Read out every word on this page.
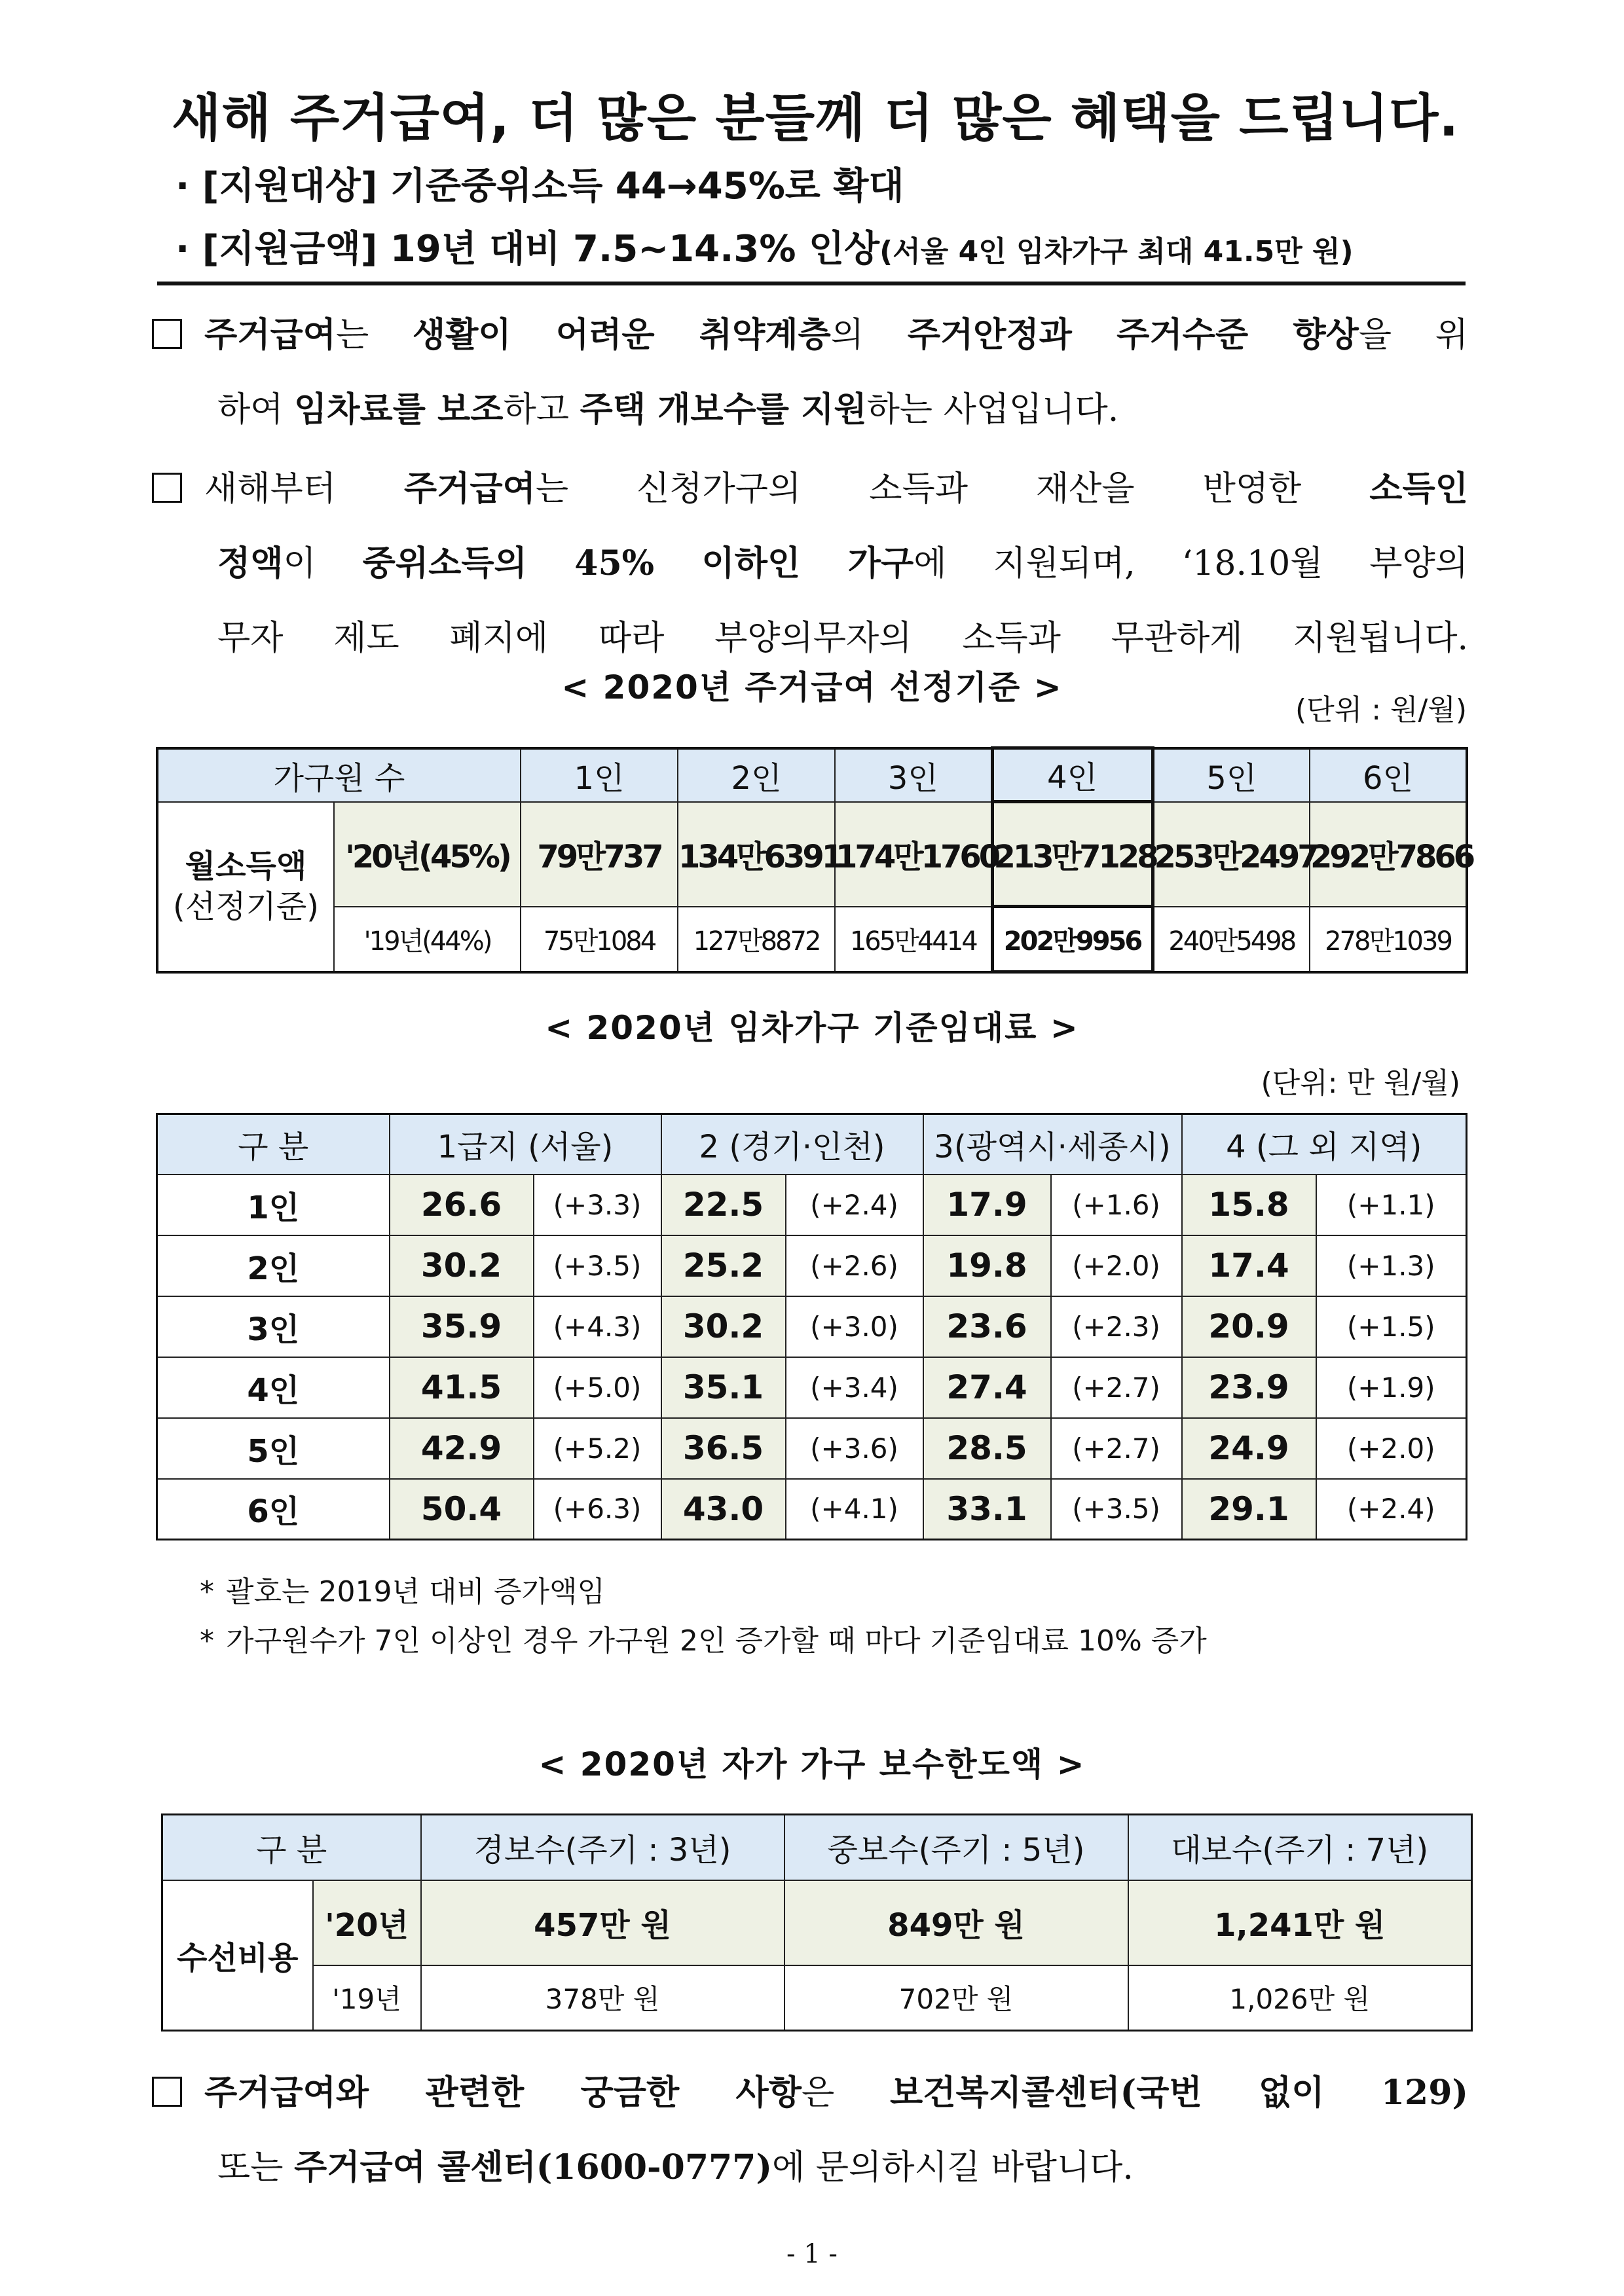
새해 주거급여, 더 많은 분들께 더 많은 혜택을 드립니다.
· [지원대상] 기준중위소득 44→45%로 확대
· [지원금액] 19년 대비 7.5~14.3% 인상(서울 4인 임차가구 최대 41.5만 원)
주거급여는 생활이 어려운 취약계층의 주거안정과 주거수준 향상을 위
하여 임차료를 보조하고 주택 개보수를 지원하는 사업입니다.
새해부터 주거급여는 신청가구의 소득과 재산을 반영한 소득인
정액이 중위소득의 45% 이하인 가구에 지원되며, ‘18.10월 부양의
무자 제도 폐지에 따라 부양의무자의 소득과 무관하게 지원됩니다.
< 2020년 주거급여 선정기준 >
(단위 : 원/월)
가구원 수		1인	2인	3인	4인	5인	6인
월소득액
(선정기준)	'20년(45%)	79만737	134만6391	174만1760	213만7128	253만2497	292만7866
	'19년(44%)	75만1084	127만8872	165만4414	202만9956	240만5498	278만1039
< 2020년 임차가구 기준임대료 >
(단위: 만 원/월)
구 분	1급지 (서울)		2 (경기·인천)		3(광역시·세종시)		4 (그 외 지역)	
1인	26.6	(+3.3)	22.5	(+2.4)	17.9	(+1.6)	15.8	(+1.1)
2인	30.2	(+3.5)	25.2	(+2.6)	19.8	(+2.0)	17.4	(+1.3)
3인	35.9	(+4.3)	30.2	(+3.0)	23.6	(+2.3)	20.9	(+1.5)
4인	41.5	(+5.0)	35.1	(+3.4)	27.4	(+2.7)	23.9	(+1.9)
5인	42.9	(+5.2)	36.5	(+3.6)	28.5	(+2.7)	24.9	(+2.0)
6인	50.4	(+6.3)	43.0	(+4.1)	33.1	(+3.5)	29.1	(+2.4)
* 괄호는 2019년 대비 증가액임
* 가구원수가 7인 이상인 경우 가구원 2인 증가할 때 마다 기준임대료 10% 증가
< 2020년 자가 가구 보수한도액 >
구 분		경보수(주기 : 3년)	중보수(주기 : 5년)	대보수(주기 : 7년)
수선비용	'20년	457만 원	849만 원	1,241만 원
	'19년	378만 원	702만 원	1,026만 원
주거급여와 관련한 궁금한 사항은 보건복지콜센터(국번 없이 129)
또는 주거급여 콜센터(1600-0777)에 문의하시길 바랍니다.
- 1 -
